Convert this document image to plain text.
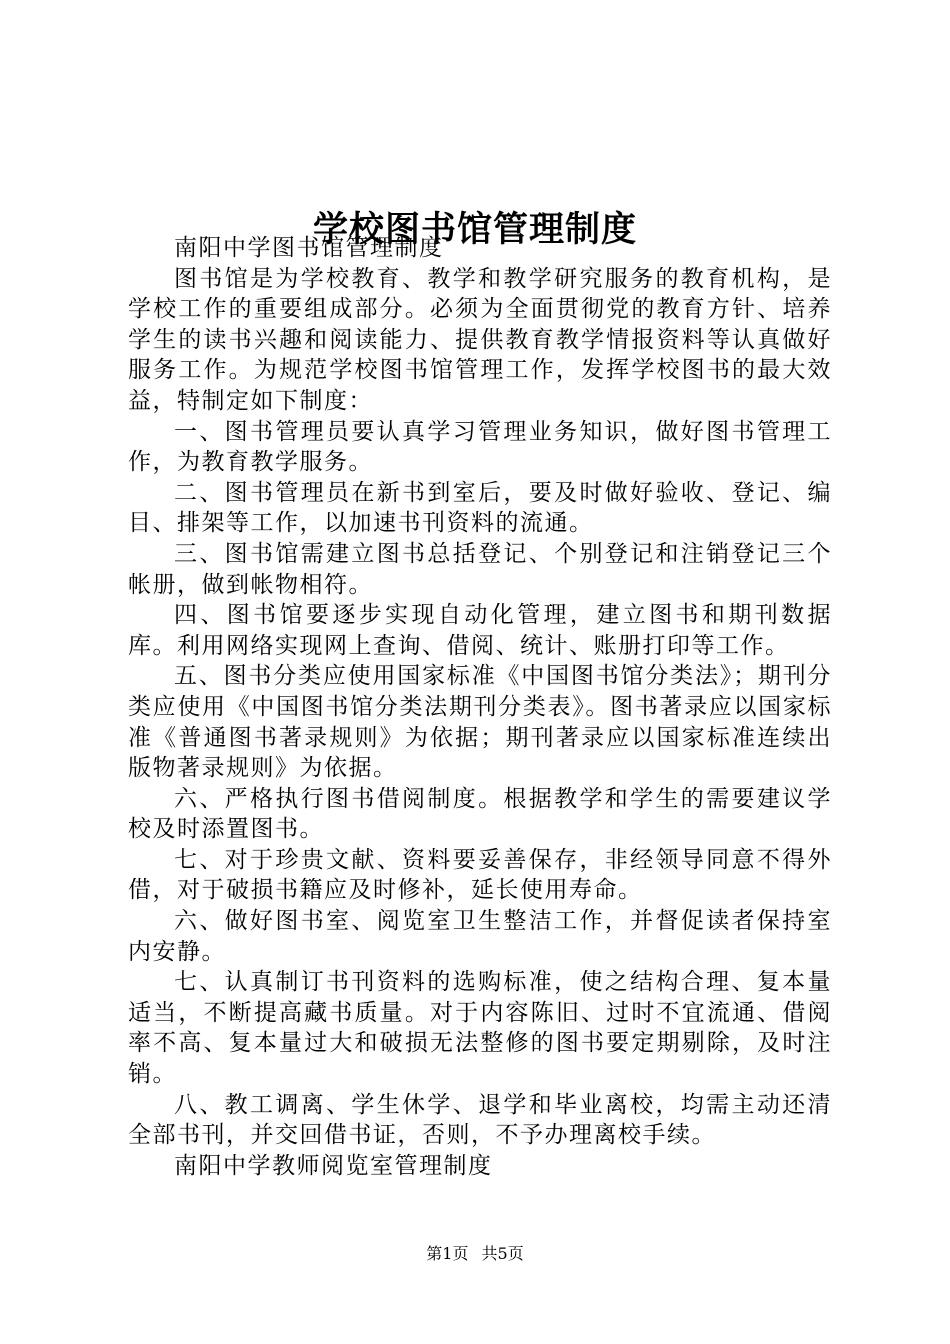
学校图书馆管理制度

南阳中学图书馆管理制度

图书馆是为学校教育、教学和教学研究服务的教育机构，是学校工作的重要组成部分。必须为全面贯彻党的教育方针、培养学生的读书兴趣和阅读能力、提供教育教学情报资料等认真做好服务工作。为规范学校图书馆管理工作，发挥学校图书的最大效益，特制定如下制度：

一、图书管理员要认真学习管理业务知识，做好图书管理工作，为教育教学服务。

二、图书管理员在新书到室后，要及时做好验收、登记、编目、排架等工作，以加速书刊资料的流通。

三、图书馆需建立图书总括登记、个别登记和注销登记三个帐册，做到帐物相符。

四、图书馆要逐步实现自动化管理，建立图书和期刊数据库。利用网络实现网上查询、借阅、统计、账册打印等工作。

五、图书分类应使用国家标准《中国图书馆分类法》；期刊分类应使用《中国图书馆分类法期刊分类表》。图书著录应以国家标准《普通图书著录规则》为依据；期刊著录应以国家标准连续出版物著录规则》为依据。

六、严格执行图书借阅制度。根据教学和学生的需要建议学校及时添置图书。

七、对于珍贵文献、资料要妥善保存，非经领导同意不得外借，对于破损书籍应及时修补，延长使用寿命。

六、做好图书室、阅览室卫生整洁工作，并督促读者保持室内安静。

七、认真制订书刊资料的选购标准，使之结构合理、复本量适当，不断提高藏书质量。对于内容陈旧、过时不宜流通、借阅率不高、复本量过大和破损无法整修的图书要定期剔除，及时注销。

八、教工调离、学生休学、退学和毕业离校，均需主动还清全部书刊，并交回借书证，否则，不予办理离校手续。

南阳中学教师阅览室管理制度

第1页 共5页
